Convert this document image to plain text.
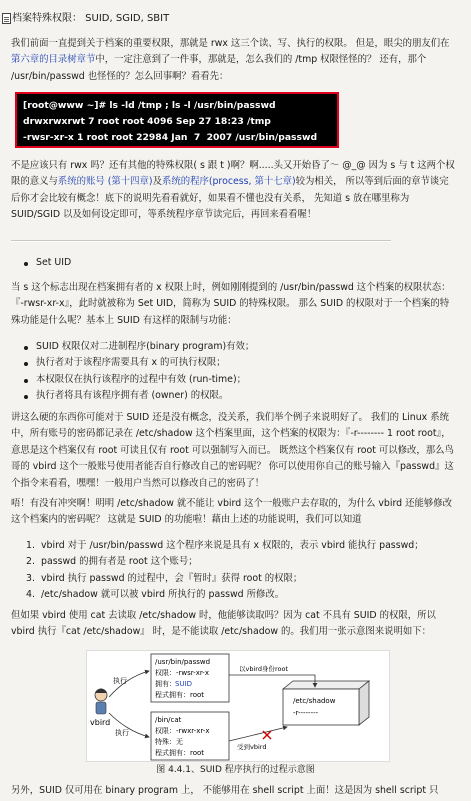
档案特殊权限： SUID, SGID, SBIT

我们前面一直提到关于档案的重要权限，那就是 rwx 这三个读、写、执行的权限。 但是，眼尖的朋友们在第六章的目录树章节中，一定注意到了一件事，那就是，怎么我们的 /tmp 权限怪怪的？ 还有，那个 /usr/bin/passwd 也怪怪的？怎么回事啊？看看先：

[root@www ~]# ls -ld /tmp ; ls -l /usr/bin/passwd
drwxrwxrwt 7 root root 4096 Sep 27 18:23 /tmp
-rwsr-xr-x 1 root root 22984 Jan  7  2007 /usr/bin/passwd

不是应该只有 rwx 吗？还有其他的特殊权限( s 跟 t )啊？啊.....头又开始昏了～ @_@ 因为 s 与 t 这两个权限的意义与系统的账号 (第十四章)及系统的程序(process, 第十七章)较为相关， 所以等到后面的章节谈完后你才会比较有概念！底下的说明先看看就好，如果看不懂也没有关系， 先知道 s 放在哪里称为 SUID/SGID 以及如何设定即可，等系统程序章节读完后，再回来看看喔！

Set UID

当 s 这个标志出现在档案拥有者的 x 权限上时，例如刚刚提到的 /usr/bin/passwd 这个档案的权限状态：『-rwsr-xr-x』，此时就被称为 Set UID，简称为 SUID 的特殊权限。 那么 SUID 的权限对于一个档案的特殊功能是什么呢？基本上 SUID 有这样的限制与功能：

SUID 权限仅对二进制程序(binary program)有效；
执行者对于该程序需要具有 x 的可执行权限；
本权限仅在执行该程序的过程中有效 (run-time)；
执行者将具有该程序拥有者 (owner) 的权限。

讲这么硬的东西你可能对于 SUID 还是没有概念，没关系，我们举个例子来说明好了。 我们的 Linux 系统中，所有账号的密码都记录在 /etc/shadow 这个档案里面，这个档案的权限为：『-r-------- 1 root root』，意思是这个档案仅有 root 可读且仅有 root 可以强制写入而已。 既然这个档案仅有 root 可以修改，那么鸟哥的 vbird 这个一般账号使用者能否自行修改自己的密码呢？ 你可以使用你自己的账号输入『passwd』这个指令来看看，嘿嘿！一般用户当然可以修改自己的密码了！

唔！有没有冲突啊！明明 /etc/shadow 就不能让 vbird 这个一般账户去存取的，为什么 vbird 还能够修改这个档案内的密码呢？ 这就是 SUID 的功能啦！藉由上述的功能说明，我们可以知道

1. vbird 对于 /usr/bin/passwd 这个程序来说是具有 x 权限的，表示 vbird 能执行 passwd；
2. passwd 的拥有者是 root 这个账号；
3. vbird 执行 passwd 的过程中，会『暂时』获得 root 的权限；
4. /etc/shadow 就可以被 vbird 所执行的 passwd 所修改。

但如果 vbird 使用 cat 去读取 /etc/shadow 时，他能够读取吗？因为 cat 不具有 SUID 的权限，所以 vbird 执行『cat /etc/shadow』 时，是不能读取 /etc/shadow 的。我们用一张示意图来说明如下：

vbird
执行
执行
/usr/bin/passwd
权限：-rwsr-xr-x
拥有： SUID
程式拥有：root
/bin/cat
权限：-rwxr-xr-x
特殊：无
程式拥有：root
/etc/shadow
-r--------
以vbird身份root
受到vbird
图 4.4.1、SUID 程序执行的过程示意图

另外，SUID 仅可用在 binary program 上， 不能够用在 shell script 上面！这是因为 shell script 只
